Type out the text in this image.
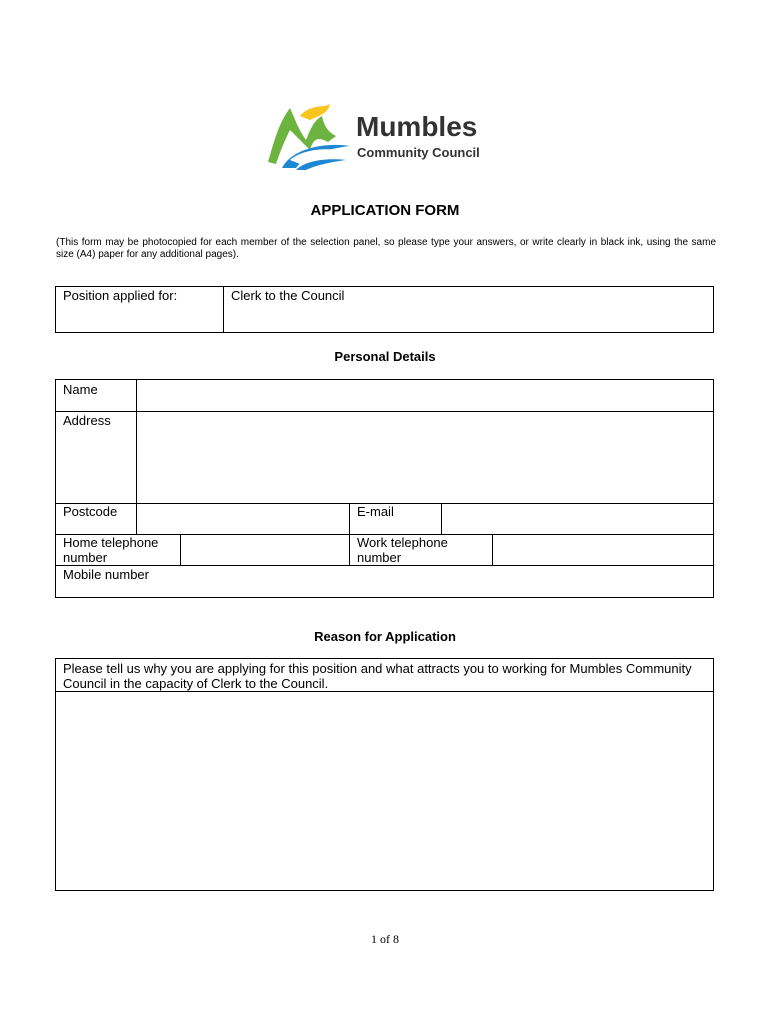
Mumbles
Community Council
APPLICATION FORM
(This form may be photocopied for each member of the selection panel, so please type your answers, or write clearly in black ink, using the same size (A4) paper for any additional pages).
Position applied for:	Clerk to the Council
Personal Details
Name
Address
Postcode	E-mail
Home telephone number
Work telephone number
Mobile number
Reason for Application
Please tell us why you are applying for this position and what attracts you to working for Mumbles Community Council in the capacity of Clerk to the Council.
1 of 8
